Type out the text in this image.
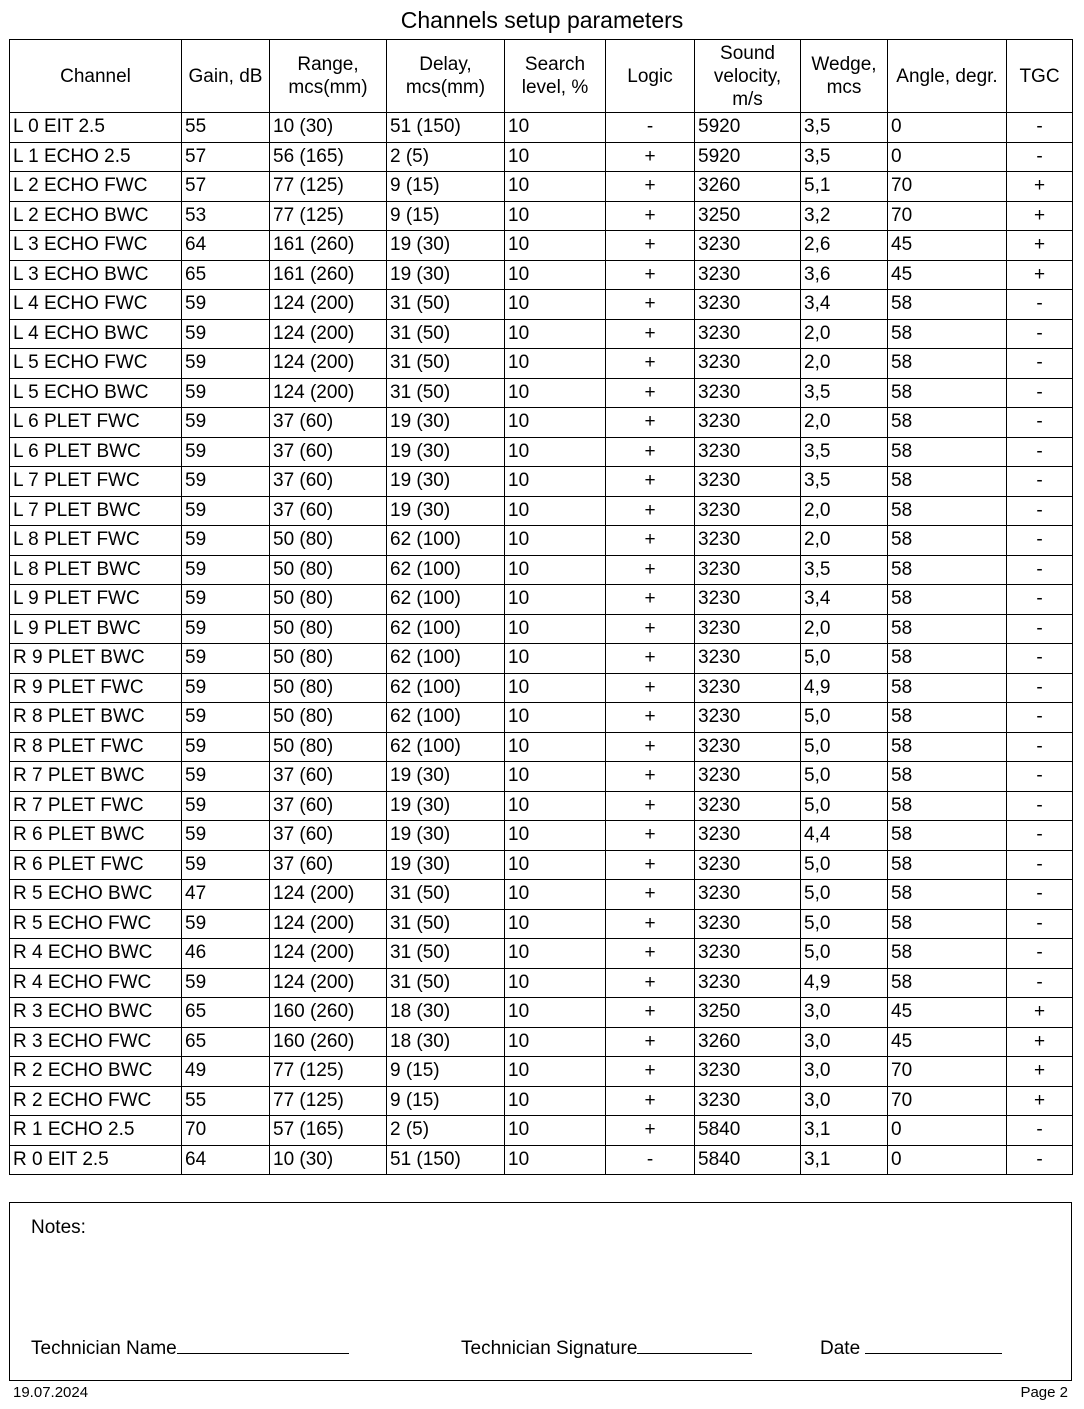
Channels setup parameters
Channel	Gain, dB	Range, mcs(mm)	Delay, mcs(mm)	Search level, %	Logic	Sound velocity, m/s	Wedge, mcs	Angle, degr.	TGC
L 0 EIT 2.5	55	10 (30)	51 (150)	10	-	5920	3,5	0	-
L 1 ECHO 2.5	57	56 (165)	2 (5)	10	+	5920	3,5	0	-
L 2 ECHO FWC	57	77 (125)	9 (15)	10	+	3260	5,1	70	+
L 2 ECHO BWC	53	77 (125)	9 (15)	10	+	3250	3,2	70	+
L 3 ECHO FWC	64	161 (260)	19 (30)	10	+	3230	2,6	45	+
L 3 ECHO BWC	65	161 (260)	19 (30)	10	+	3230	3,6	45	+
L 4 ECHO FWC	59	124 (200)	31 (50)	10	+	3230	3,4	58	-
L 4 ECHO BWC	59	124 (200)	31 (50)	10	+	3230	2,0	58	-
L 5 ECHO FWC	59	124 (200)	31 (50)	10	+	3230	2,0	58	-
L 5 ECHO BWC	59	124 (200)	31 (50)	10	+	3230	3,5	58	-
L 6 PLET FWC	59	37 (60)	19 (30)	10	+	3230	2,0	58	-
L 6 PLET BWC	59	37 (60)	19 (30)	10	+	3230	3,5	58	-
L 7 PLET FWC	59	37 (60)	19 (30)	10	+	3230	3,5	58	-
L 7 PLET BWC	59	37 (60)	19 (30)	10	+	3230	2,0	58	-
L 8 PLET FWC	59	50 (80)	62 (100)	10	+	3230	2,0	58	-
L 8 PLET BWC	59	50 (80)	62 (100)	10	+	3230	3,5	58	-
L 9 PLET FWC	59	50 (80)	62 (100)	10	+	3230	3,4	58	-
L 9 PLET BWC	59	50 (80)	62 (100)	10	+	3230	2,0	58	-
R 9 PLET BWC	59	50 (80)	62 (100)	10	+	3230	5,0	58	-
R 9 PLET FWC	59	50 (80)	62 (100)	10	+	3230	4,9	58	-
R 8 PLET BWC	59	50 (80)	62 (100)	10	+	3230	5,0	58	-
R 8 PLET FWC	59	50 (80)	62 (100)	10	+	3230	5,0	58	-
R 7 PLET BWC	59	37 (60)	19 (30)	10	+	3230	5,0	58	-
R 7 PLET FWC	59	37 (60)	19 (30)	10	+	3230	5,0	58	-
R 6 PLET BWC	59	37 (60)	19 (30)	10	+	3230	4,4	58	-
R 6 PLET FWC	59	37 (60)	19 (30)	10	+	3230	5,0	58	-
R 5 ECHO BWC	47	124 (200)	31 (50)	10	+	3230	5,0	58	-
R 5 ECHO FWC	59	124 (200)	31 (50)	10	+	3230	5,0	58	-
R 4 ECHO BWC	46	124 (200)	31 (50)	10	+	3230	5,0	58	-
R 4 ECHO FWC	59	124 (200)	31 (50)	10	+	3230	4,9	58	-
R 3 ECHO BWC	65	160 (260)	18 (30)	10	+	3250	3,0	45	+
R 3 ECHO FWC	65	160 (260)	18 (30)	10	+	3260	3,0	45	+
R 2 ECHO BWC	49	77 (125)	9 (15)	10	+	3230	3,0	70	+
R 2 ECHO FWC	55	77 (125)	9 (15)	10	+	3230	3,0	70	+
R 1 ECHO 2.5	70	57 (165)	2 (5)	10	+	5840	3,1	0	-
R 0 EIT 2.5	64	10 (30)	51 (150)	10	-	5840	3,1	0	-
Notes:
Technician Name	Technician Signature	Date
19.07.2024	Page 2
